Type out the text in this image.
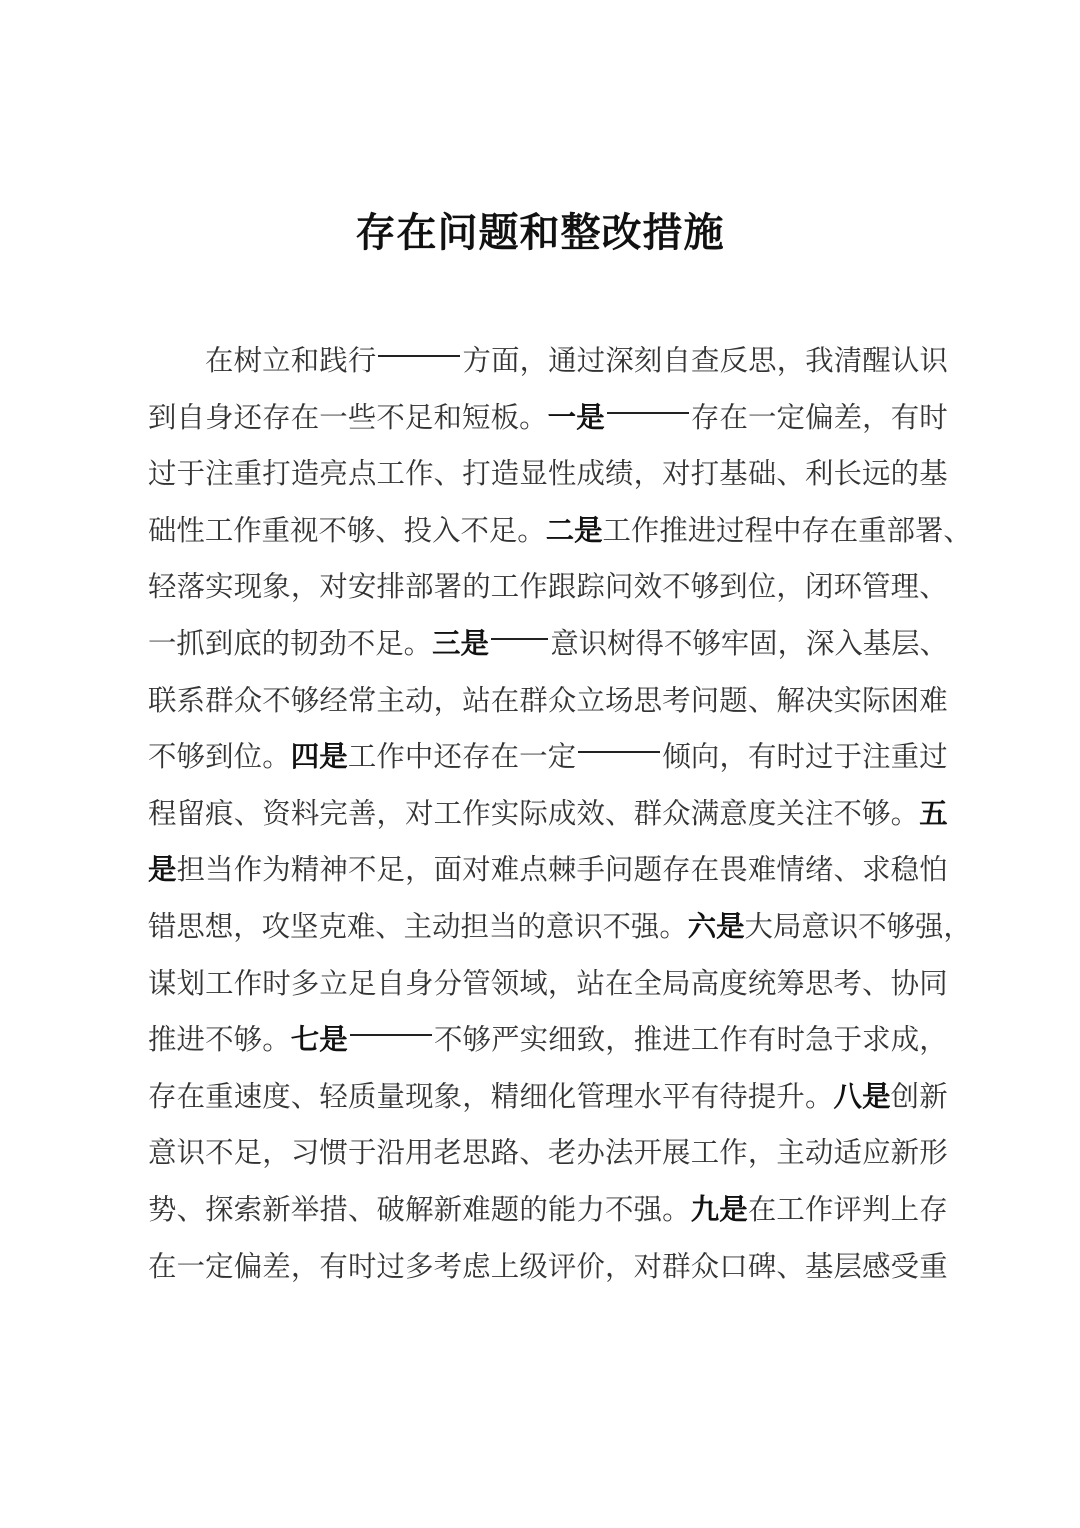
存在问题和整改措施
在 树 立 和 践 行	方 面 ， 通 过 深 刻 自 查 反 思 ， 我 清 醒 认 识
到 自 身 还 存 在 一 些 不 足 和 短 板 。 一 是	存 在 一 定 偏 差 ， 有 时
过 于 注 重 打 造 亮 点 工 作 、 打 造 显 性 成 绩 ， 对 打 基 础 、 利 长 远 的 基
础 性 工 作 重 视 不 够 、 投 入 不 足 。 二 是 工 作 推 进 过 程 中 存 在 重 部 署 、
轻 落 实 现 象 ， 对 安 排 部 署 的 工 作 跟 踪 问 效 不 够 到 位 ， 闭 环 管 理 、
一 抓 到 底 的 韧 劲 不 足 。 三 是 意 识 树 得 不 够 牢 固 ， 深 入 基 层 、
联 系 群 众 不 够 经 常 主 动 ， 站 在 群 众 立 场 思 考 问 题 、 解 决 实 际 困 难
不 够 到 位 。 四 是 工 作 中 还 存 在 一 定	倾 向 ， 有 时 过 于 注 重 过
程 留 痕 、 资 料 完 善 ， 对 工 作 实 际 成 效 、 群 众 满 意 度 关 注 不 够 。 五
是 担 当 作 为 精 神 不 足 ， 面 对 难 点 棘 手 问 题 存 在 畏 难 情 绪 、 求 稳 怕
错 思 想 ， 攻 坚 克 难 、 主 动 担 当 的 意 识 不 强 。 六 是 大 局 意 识 不 够 强 ，
谋 划 工 作 时 多 立 足 自 身 分 管 领 域 ， 站 在 全 局 高 度 统 筹 思 考 、 协 同
推 进 不 够 。 七 是	不 够 严 实 细 致 ， 推 进 工 作 有 时 急 于 求 成 ，
存 在 重 速 度 、 轻 质 量 现 象 ， 精 细 化 管 理 水 平 有 待 提 升 。 八 是 创 新
意 识 不 足 ， 习 惯 于 沿 用 老 思 路 、 老 办 法 开 展 工 作 ， 主 动 适 应 新 形
势 、 探 索 新 举 措 、 破 解 新 难 题 的 能 力 不 强 。 九 是 在 工 作 评 判 上 存
在 一 定 偏 差 ， 有 时 过 多 考 虑 上 级 评 价 ， 对 群 众 口 碑 、 基 层 感 受 重
